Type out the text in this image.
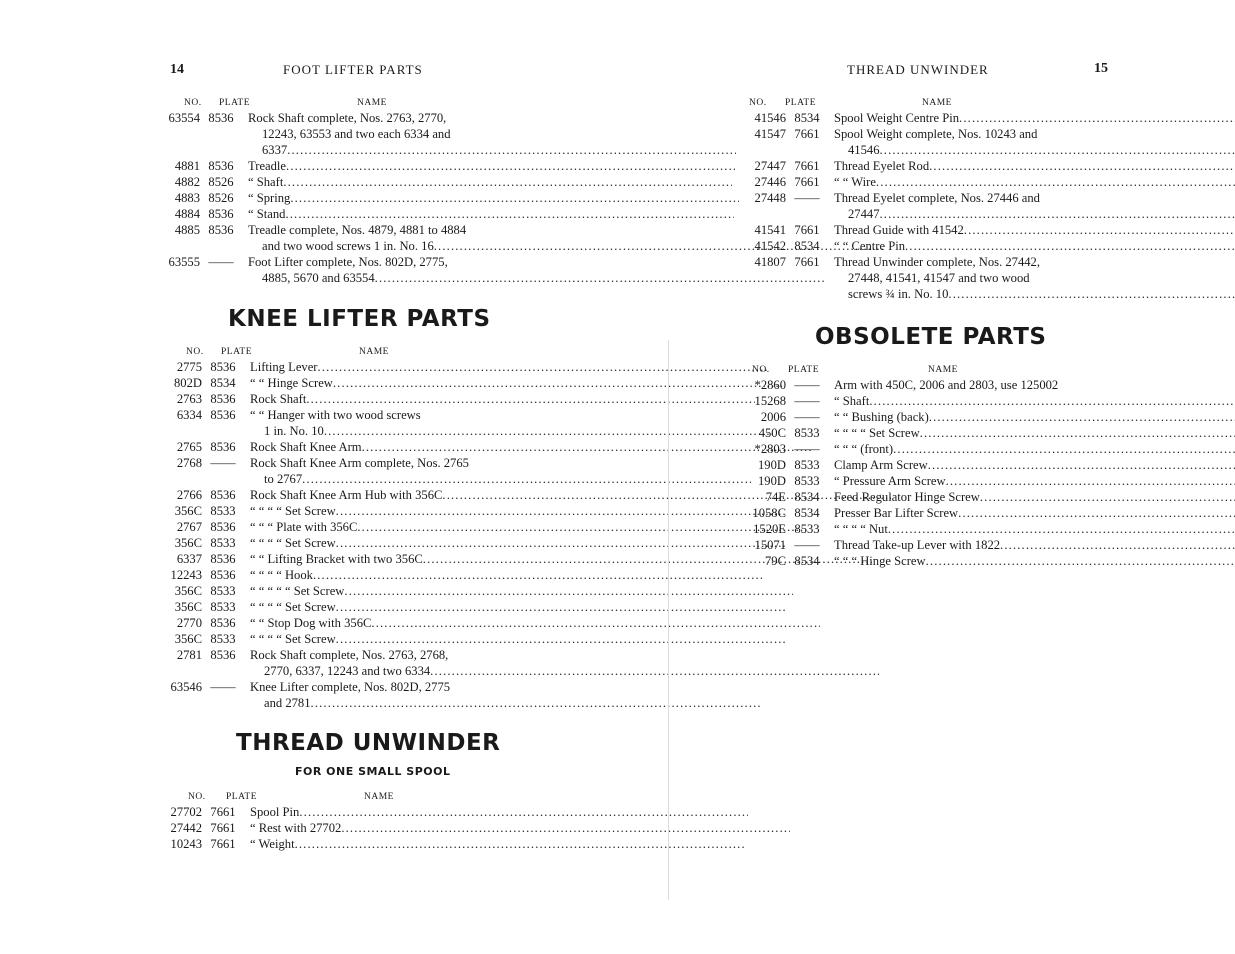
14	FOOT LIFTER PARTS
NO. PLATE	NAME
63554 8536	Rock Shaft complete, Nos. 2763, 2770,
12243, 63553 and two each 6334 and
6337
. . .
4881 8536	Treadle
. . .
4882 8526	“ Shaft
. . .
4883 8526	“ Spring
. . .
4884 8536	“ Stand
. . .
4885 8536	Treadle complete, Nos. 4879, 4881 to 4884
and two wood screws 1 in. No. 16
. . .
63555 ——	Foot Lifter complete, Nos. 802D, 2775,
4885, 5670 and 63554
. . .
KNEE LIFTER PARTS
NO. PLATE	NAME
2775 8536	Lifting Lever
. . .
802D 8534	“ “ Hinge Screw
. . .
2763 8536	Rock Shaft
. . .
6334 8536	“ “ Hanger with two wood screws
1 in. No. 10
. . .
2765 8536	Rock Shaft Knee Arm
. . .
2768 ——	Rock Shaft Knee Arm complete, Nos. 2765
to 2767
. . .
2766 8536	Rock Shaft Knee Arm Hub with 356C
. . .
356C 8533	“ “ “ “ Set Screw
. . .
2767 8536	“ “ “ Plate with 356C
. . .
356C 8533	“ “ “ “ Set Screw
. . .
6337 8536	“ “ Lifting Bracket with two 356C
. . .
12243 8536	“ “ “ “ Hook
. . .
356C 8533	“ “ “ “ “ Set Screw
. . .
356C 8533	“ “ “ “ Set Screw
. . .
2770 8536	“ “ Stop Dog with 356C
. . .
356C 8533	“ “ “ “ Set Screw
. . .
2781 8536	Rock Shaft complete, Nos. 2763, 2768,
2770, 6337, 12243 and two 6334
. . .
63546 ——	Knee Lifter complete, Nos. 802D, 2775
and 2781
. . .
THREAD UNWINDER
FOR ONE SMALL SPOOL
NO. PLATE	NAME
27702 7661	Spool Pin
. . .
27442 7661	“ Rest with 27702
. . .
10243 7661	“ Weight
. . .
THREAD UNWINDER	15
NO. PLATE	NAME
41546 8534	Spool Weight Centre Pin
. . .
41547 7661	Spool Weight complete, Nos. 10243 and
41546
. . .
27447 7661	Thread Eyelet Rod
. . .
27446 7661	“ “ Wire
. . .
27448 ——	Thread Eyelet complete, Nos. 27446 and
27447
. . .
41541 7661	Thread Guide with 41542
. . .
41542 8534	“ “ Centre Pin
. . .
41807 7661	Thread Unwinder complete, Nos. 27442,
27448, 41541, 41547 and two wood
screws ¾ in. No. 10
. . .
OBSOLETE PARTS
NO. PLATE	NAME
*2860 ——	Arm with 450C, 2006 and 2803, use 125002
15268 ——	“ Shaft
. . .
2006 ——	“ “ Bushing (back)
. . .
450C 8533	“ “ “ “ Set Screw
. . .
*2803 ——	“ “ “ (front)
. . .
190D 8533	Clamp Arm Screw
. . .
190D 8533	“ Pressure Arm Screw
. . .
74E 8534	Feed Regulator Hinge Screw
. . .
1058C 8534	Presser Bar Lifter Screw
. . .
1520E 8533	“ “ “ “ Nut
. . .
15071 ——	Thread Take-up Lever with 1822
. . .
79C 8534	“ “ “ Hinge Screw
. . .
